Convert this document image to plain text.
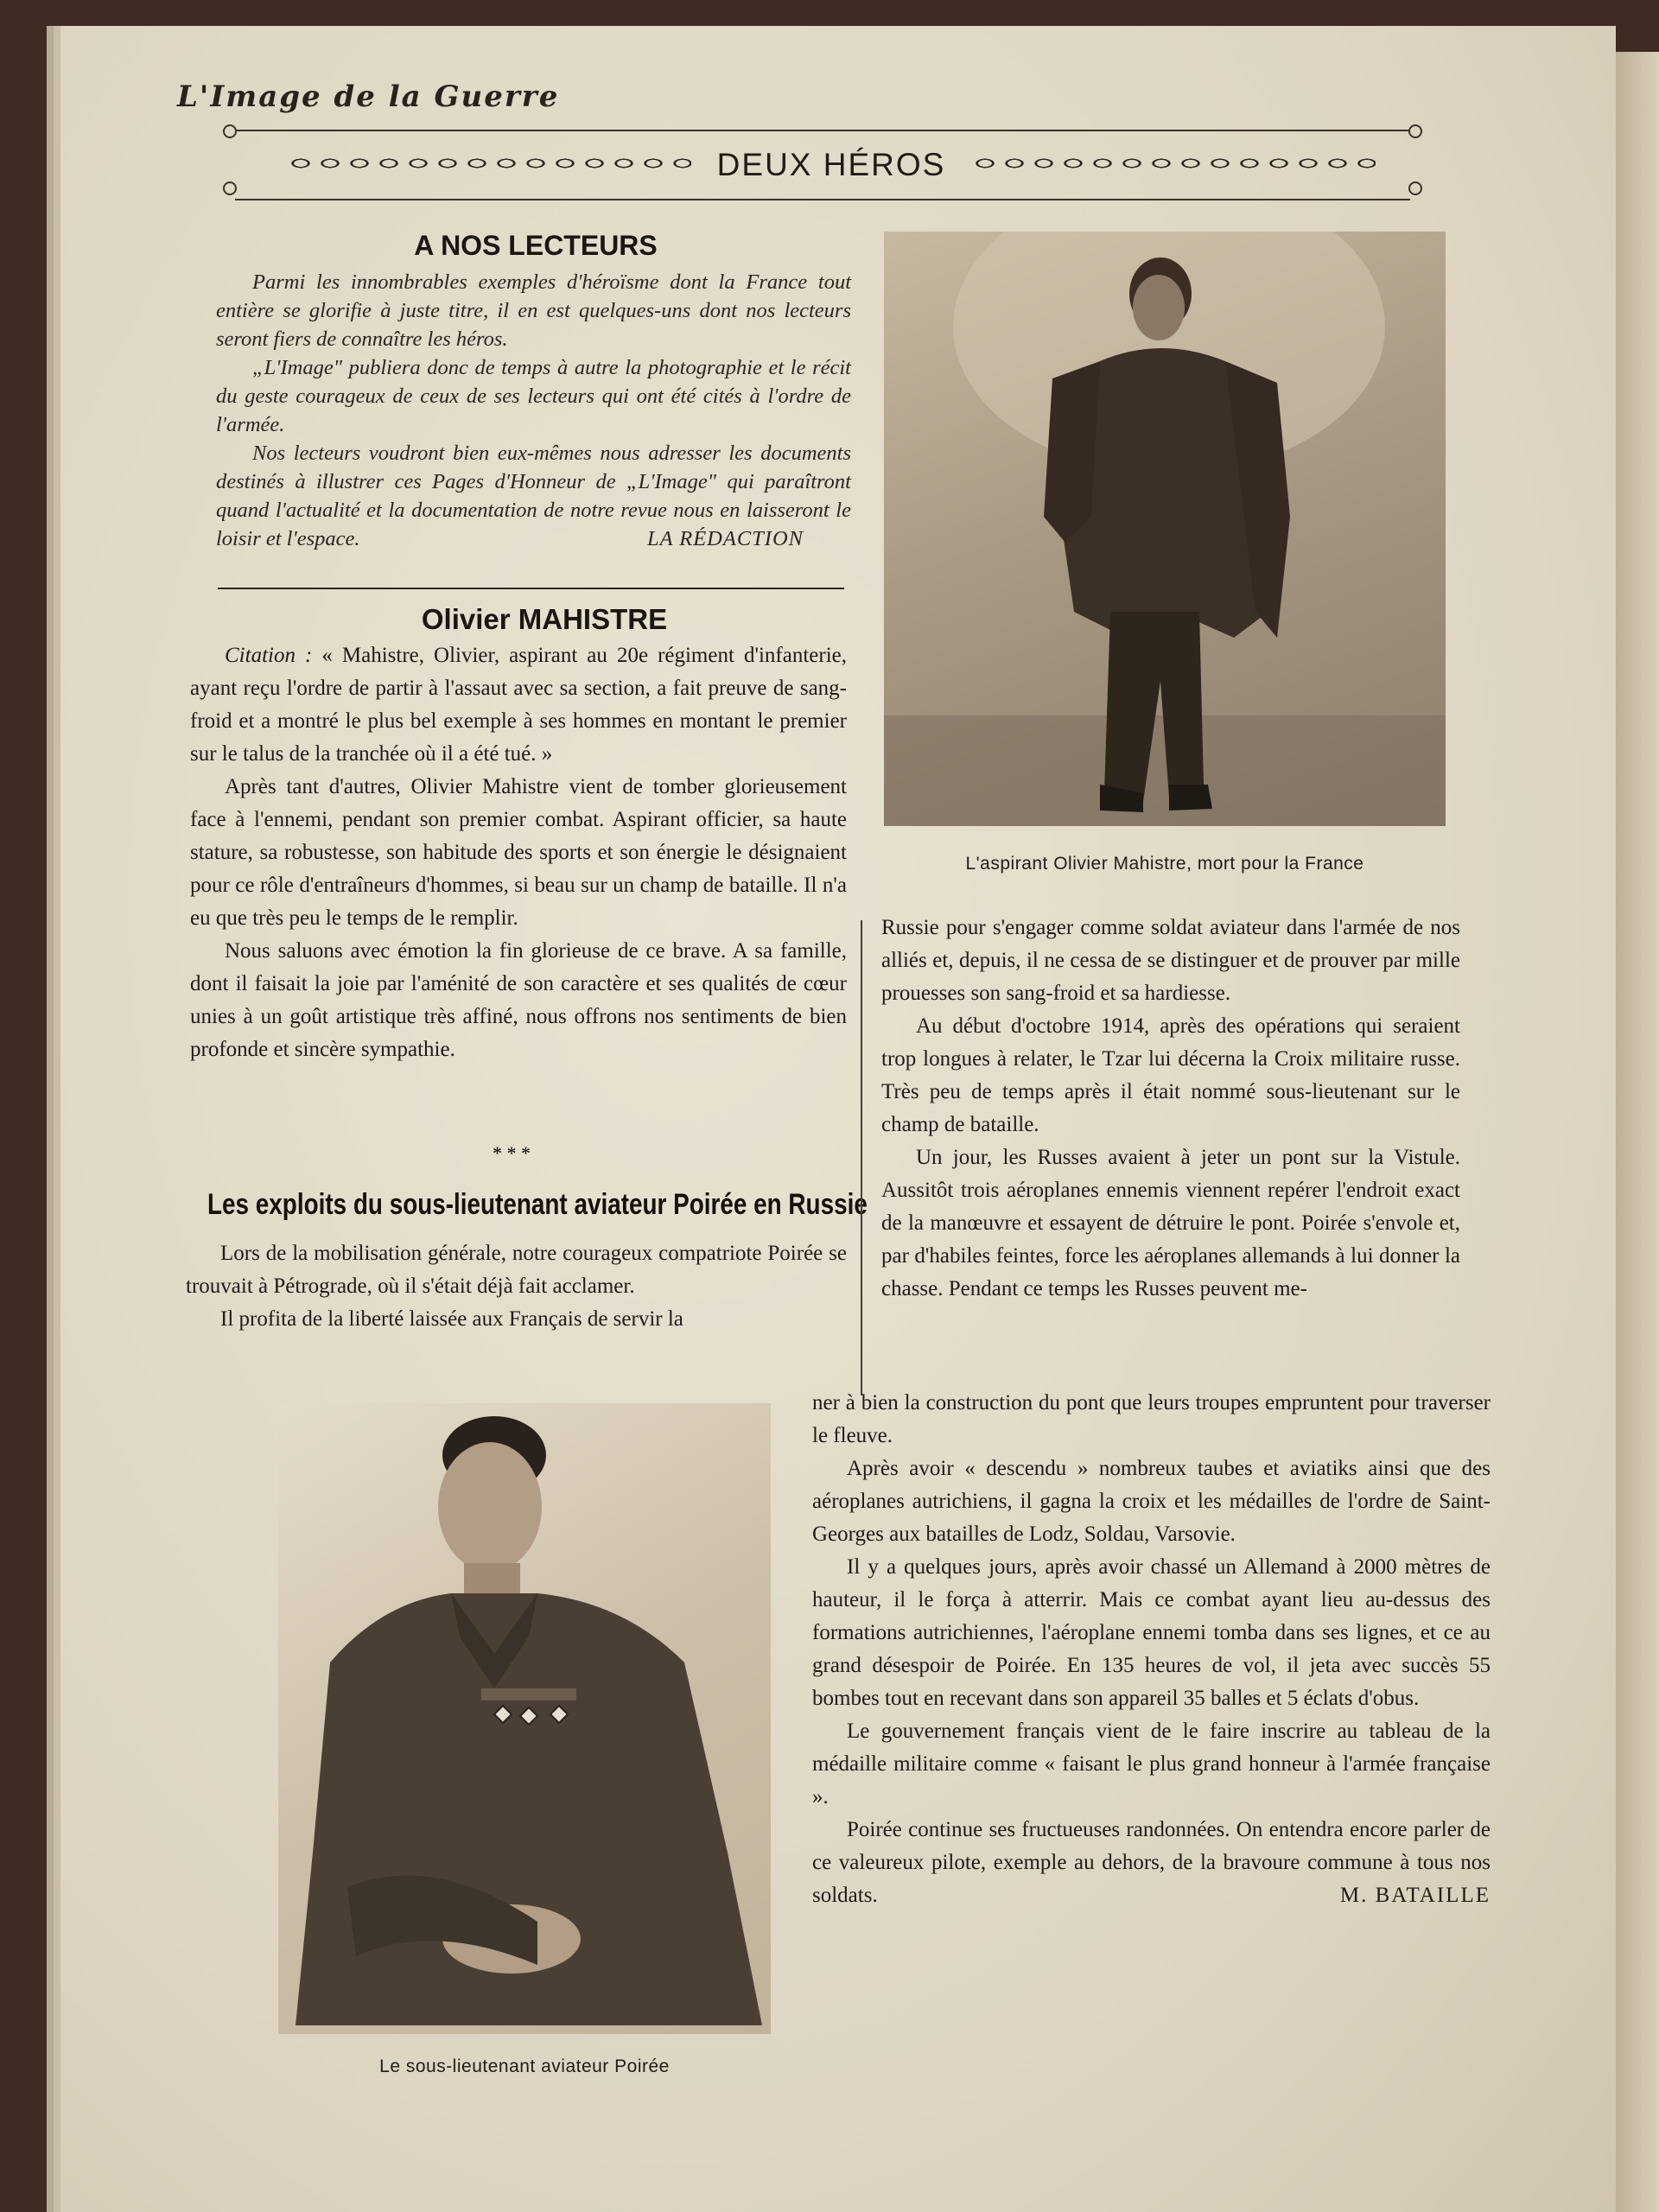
L'Image de la Guerre
DEUX HÉROS
A NOS LECTEURS

Parmi les innombrables exemples d'héroïsme dont la France tout entière se glorifie à juste titre, il en est quelques-uns dont nos lecteurs seront fiers de connaître les héros.

„L'Image" publiera donc de temps à autre la photographie et le récit du geste courageux de ceux de ses lecteurs qui ont été cités à l'ordre de l'armée.

Nos lecteurs voudront bien eux-mêmes nous adresser les documents destinés à illustrer ces Pages d'Honneur de „L'Image" qui paraîtront quand l'actualité et la documentation de notre revue nous en laisseront le loisir et l'espace.	LA RÉDACTION

L'aspirant Olivier Mahistre, mort pour la France
Olivier MAHISTRE

Citation : « Mahistre, Olivier, aspirant au 20e régiment d'infanterie, ayant reçu l'ordre de partir à l'assaut avec sa section, a fait preuve de sang-froid et a montré le plus bel exemple à ses hommes en montant le premier sur le talus de la tranchée où il a été tué. »

Après tant d'autres, Olivier Mahistre vient de tomber glorieusement face à l'ennemi, pendant son premier combat. Aspirant officier, sa haute stature, sa robustesse, son habitude des sports et son énergie le désignaient pour ce rôle d'entraîneurs d'hommes, si beau sur un champ de bataille. Il n'a eu que très peu le temps de le remplir.

Nous saluons avec émotion la fin glorieuse de ce brave. A sa famille, dont il faisait la joie par l'aménité de son caractère et ses qualités de cœur unies à un goût artistique très affiné, nous offrons nos sentiments de bien profonde et sincère sympathie.

* * *
Les exploits du sous-lieutenant aviateur Poirée en Russie

Lors de la mobilisation générale, notre courageux compatriote Poirée se trouvait à Pétrograde, où il s'était déjà fait acclamer.

Il profita de la liberté laissée aux Français de servir la

Russie pour s'engager comme soldat aviateur dans l'armée de nos alliés et, depuis, il ne cessa de se distinguer et de prouver par mille prouesses son sang-froid et sa hardiesse.

Au début d'octobre 1914, après des opérations qui seraient trop longues à relater, le Tzar lui décerna la Croix militaire russe. Très peu de temps après il était nommé sous-lieutenant sur le champ de bataille.

Un jour, les Russes avaient à jeter un pont sur la Vistule. Aussitôt trois aéroplanes ennemis viennent repérer l'endroit exact de la manœuvre et essayent de détruire le pont. Poirée s'envole et, par d'habiles feintes, force les aéroplanes allemands à lui donner la chasse. Pendant ce temps les Russes peuvent me-

Le sous-lieutenant aviateur Poirée

ner à bien la construction du pont que leurs troupes empruntent pour traverser le fleuve.

Après avoir « descendu » nombreux taubes et aviatiks ainsi que des aéroplanes autrichiens, il gagna la croix et les médailles de l'ordre de Saint-Georges aux batailles de Lodz, Soldau, Varsovie.

Il y a quelques jours, après avoir chassé un Allemand à 2000 mètres de hauteur, il le força à atterrir. Mais ce combat ayant lieu au-dessus des formations autrichiennes, l'aéroplane ennemi tomba dans ses lignes, et ce au grand désespoir de Poirée. En 135 heures de vol, il jeta avec succès 55 bombes tout en recevant dans son appareil 35 balles et 5 éclats d'obus.

Le gouvernement français vient de le faire inscrire au tableau de la médaille militaire comme « faisant le plus grand honneur à l'armée française ».

Poirée continue ses fructueuses randonnées. On entendra encore parler de ce valeureux pilote, exemple au dehors, de la bravoure commune à tous nos soldats.	M. BATAILLE
